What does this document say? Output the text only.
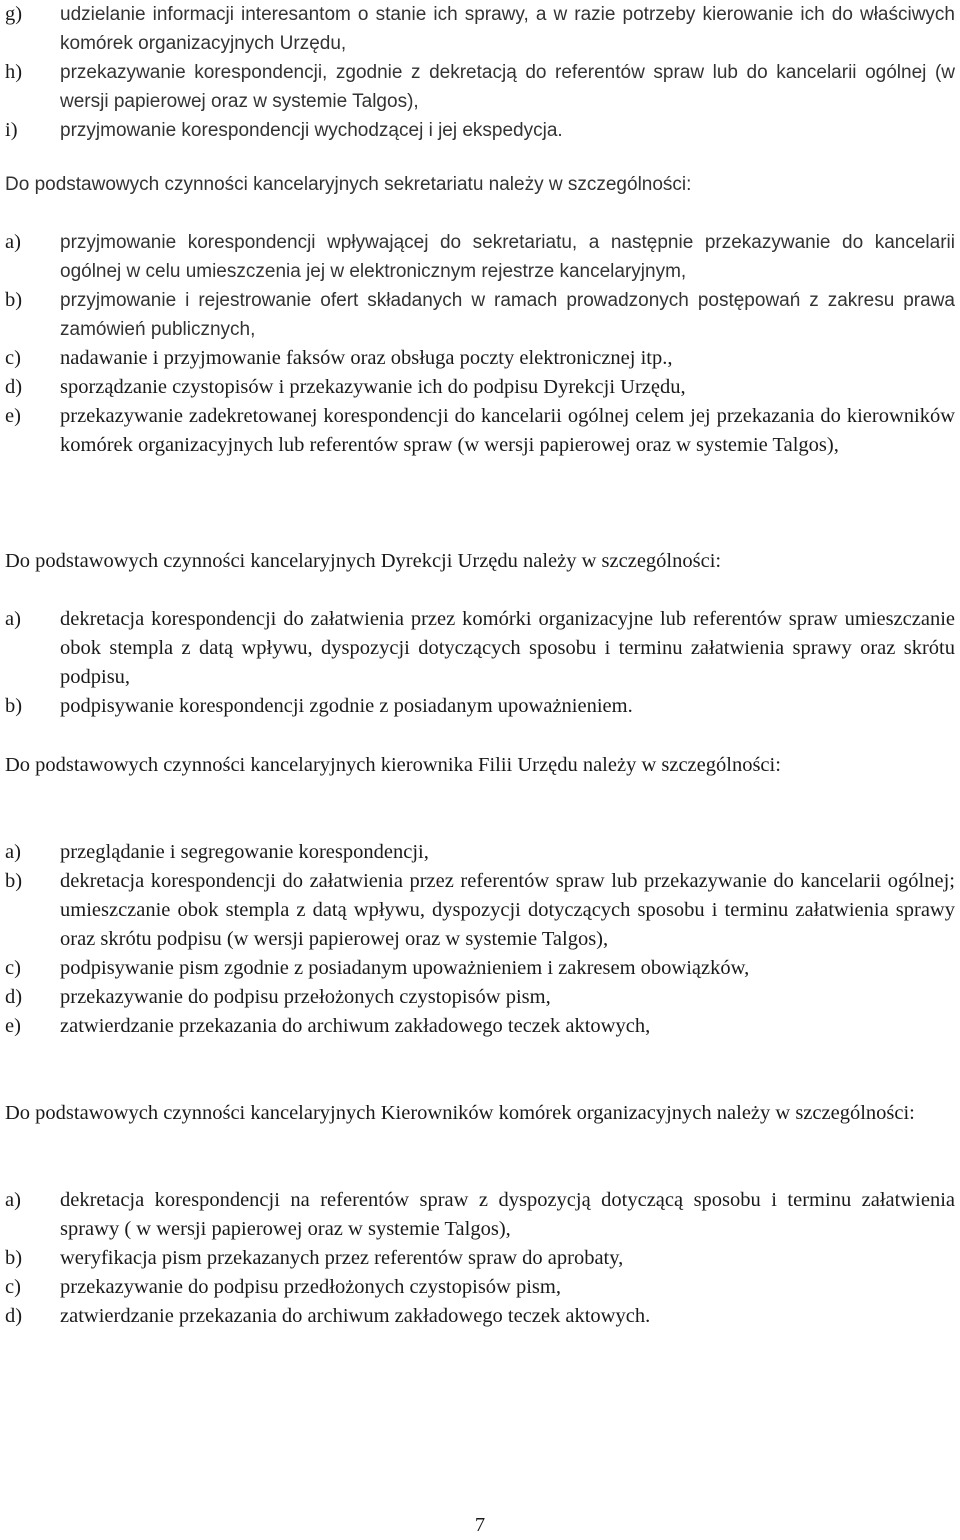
g) udzielanie informacji interesantom o stanie ich sprawy, a w razie potrzeby kierowanie ich do właściwych komórek organizacyjnych Urzędu,
h) przekazywanie korespondencji, zgodnie z dekretacją do referentów spraw lub do kancelarii ogólnej (w wersji papierowej oraz w systemie Talgos),
i) przyjmowanie korespondencji wychodzącej i jej ekspedycja.

Do podstawowych czynności kancelaryjnych sekretariatu należy w szczególności:

a) przyjmowanie korespondencji wpływającej do sekretariatu, a następnie przekazywanie do kancelarii ogólnej w celu umieszczenia jej w elektronicznym rejestrze kancelaryjnym,
b) przyjmowanie i rejestrowanie ofert składanych w ramach prowadzonych postępowań z zakresu prawa zamówień publicznych,
c) nadawanie i przyjmowanie faksów oraz obsługa poczty elektronicznej itp.,
d) sporządzanie czystopisów i przekazywanie ich do podpisu Dyrekcji Urzędu,
e) przekazywanie zadekretowanej korespondencji do kancelarii ogólnej celem jej przekazania do kierowników komórek organizacyjnych lub referentów spraw (w wersji papierowej oraz w systemie Talgos),

Do podstawowych czynności kancelaryjnych Dyrekcji Urzędu należy w szczególności:

a) dekretacja korespondencji do załatwienia przez komórki organizacyjne lub referentów spraw umieszczanie obok stempla z datą wpływu, dyspozycji dotyczących sposobu i terminu załatwienia sprawy oraz skrótu podpisu,
b) podpisywanie korespondencji zgodnie z posiadanym upoważnieniem.

Do podstawowych czynności kancelaryjnych kierownika Filii Urzędu należy w szczególności:

a) przeglądanie i segregowanie korespondencji,
b) dekretacja korespondencji do załatwienia przez referentów spraw lub przekazywanie do kancelarii ogólnej; umieszczanie obok stempla z datą wpływu, dyspozycji dotyczących sposobu i terminu załatwienia sprawy oraz skrótu podpisu (w wersji papierowej oraz w systemie Talgos),
c) podpisywanie pism zgodnie z posiadanym upoważnieniem i zakresem obowiązków,
d) przekazywanie do podpisu przełożonych czystopisów pism,
e) zatwierdzanie przekazania do archiwum zakładowego teczek aktowych,

Do podstawowych czynności kancelaryjnych Kierowników komórek organizacyjnych należy w szczególności:

a) dekretacja korespondencji na referentów spraw z dyspozycją dotyczącą sposobu i terminu załatwienia sprawy ( w wersji papierowej oraz w systemie Talgos),
b) weryfikacja pism przekazanych przez referentów spraw do aprobaty,
c) przekazywanie do podpisu przedłożonych czystopisów pism,
d) zatwierdzanie przekazania do archiwum zakładowego teczek aktowych.
7
